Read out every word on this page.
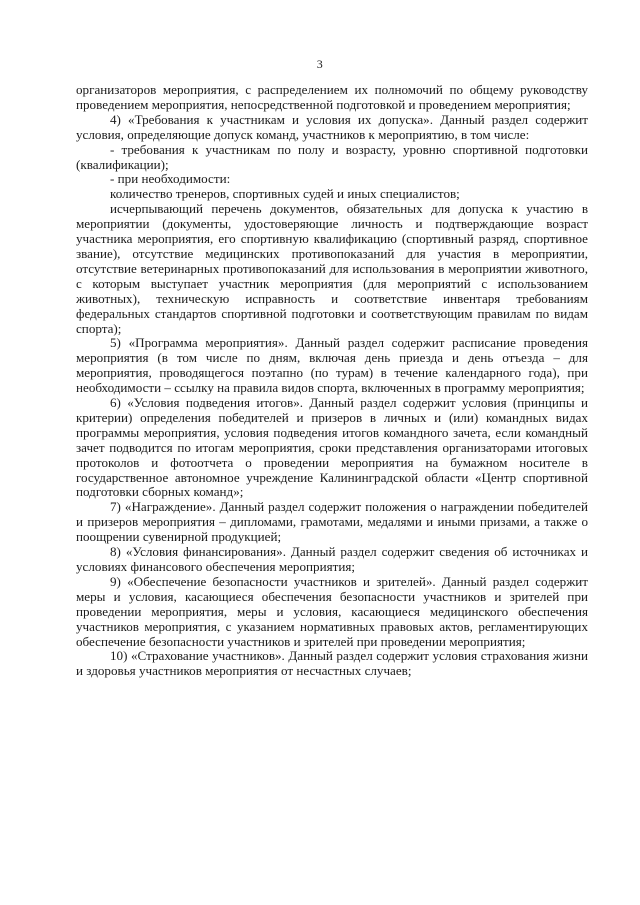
3

организаторов мероприятия, с распределением их полномочий по общему руководству проведением мероприятия, непосредственной подготовкой и проведением мероприятия;

4) «Требования к участникам и условия их допуска». Данный раздел содержит условия, определяющие допуск команд, участников к мероприятию, в том числе:

- требования к участникам по полу и возрасту, уровню спортивной подготовки (квалификации);

- при необходимости:

количество тренеров, спортивных судей и иных специалистов;

исчерпывающий перечень документов, обязательных для допуска к участию в мероприятии (документы, удостоверяющие личность и подтверждающие возраст участника мероприятия, его спортивную квалификацию (спортивный разряд, спортивное звание), отсутствие медицинских противопоказаний для участия в мероприятии, отсутствие ветеринарных противопоказаний для использования в мероприятии животного, с которым выступает участник мероприятия (для мероприятий с использованием животных), техническую исправность и соответствие инвентаря требованиям федеральных стандартов спортивной подготовки и соответствующим правилам по видам спорта);

5) «Программа мероприятия». Данный раздел содержит расписание проведения мероприятия (в том числе по дням, включая день приезда и день отъезда – для мероприятия, проводящегося поэтапно (по турам) в течение календарного года), при необходимости – ссылку на правила видов спорта, включенных в программу мероприятия;

6) «Условия подведения итогов». Данный раздел содержит условия (принципы и критерии) определения победителей и призеров в личных и (или) командных видах программы мероприятия, условия подведения итогов командного зачета, если командный зачет подводится по итогам мероприятия, сроки представления организаторами итоговых протоколов и фотоотчета о проведении мероприятия на бумажном носителе в государственное автономное учреждение Калининградской области «Центр спортивной подготовки сборных команд»;

7) «Награждение». Данный раздел содержит положения о награждении победителей и призеров мероприятия – дипломами, грамотами, медалями и иными призами, а также о поощрении сувенирной продукцией;

8) «Условия финансирования». Данный раздел содержит сведения об источниках и условиях финансового обеспечения мероприятия;

9) «Обеспечение безопасности участников и зрителей». Данный раздел содержит меры и условия, касающиеся обеспечения безопасности участников и зрителей при проведении мероприятия, меры и условия, касающиеся медицинского обеспечения участников мероприятия, с указанием нормативных правовых актов, регламентирующих обеспечение безопасности участников и зрителей при проведении мероприятия;

10) «Страхование участников». Данный раздел содержит условия страхования жизни и здоровья участников мероприятия от несчастных случаев;
